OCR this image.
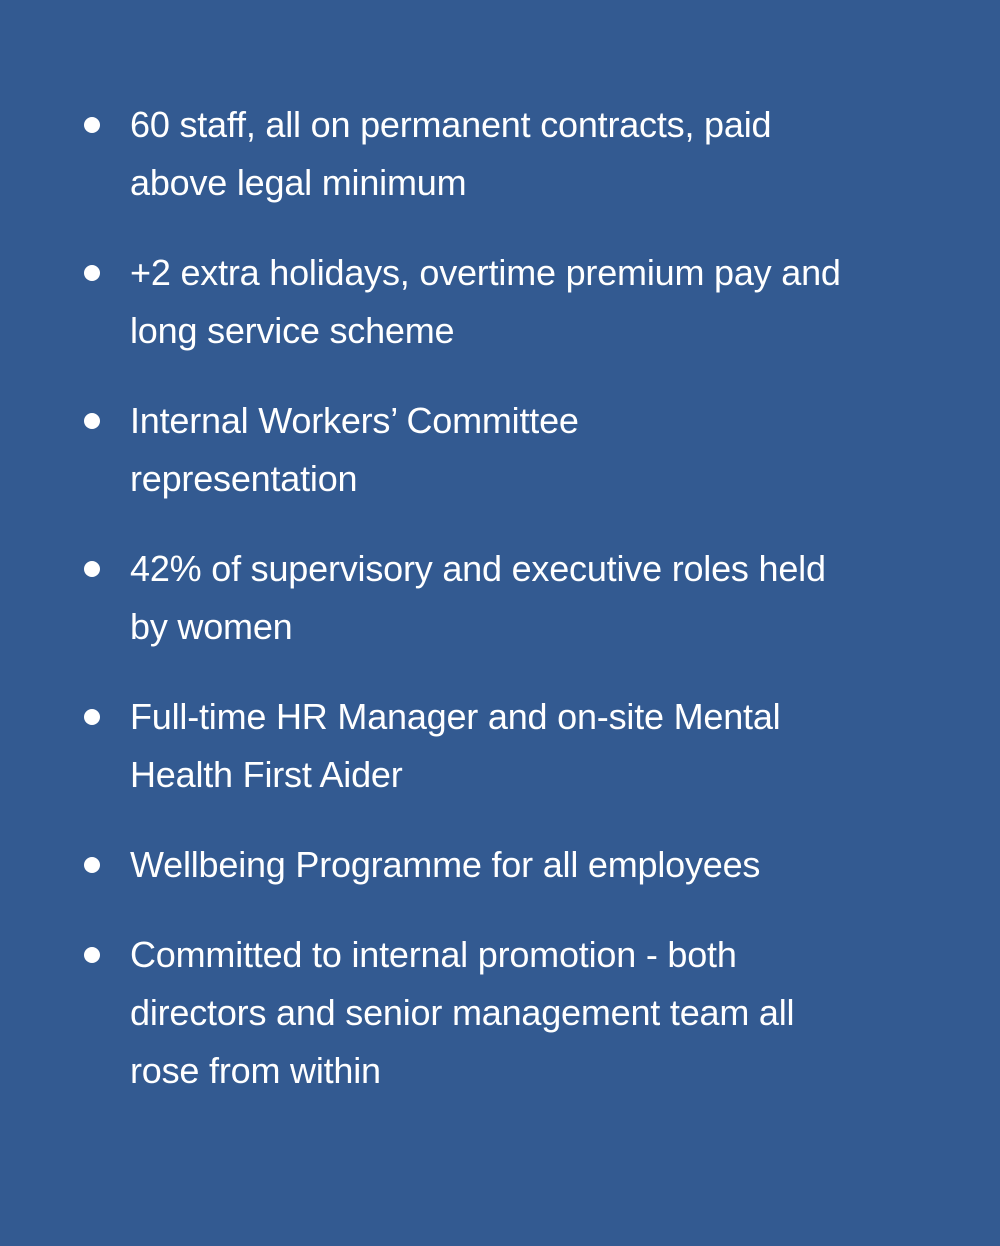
60 staff, all on permanent contracts, paid
above legal minimum
+2 extra holidays, overtime premium pay and
long service scheme
Internal Workers’ Committee
representation
42% of supervisory and executive roles held
by women
Full-time HR Manager and on-site Mental
Health First Aider
Wellbeing Programme for all employees
Committed to internal promotion - both
directors and senior management team all
rose from within
